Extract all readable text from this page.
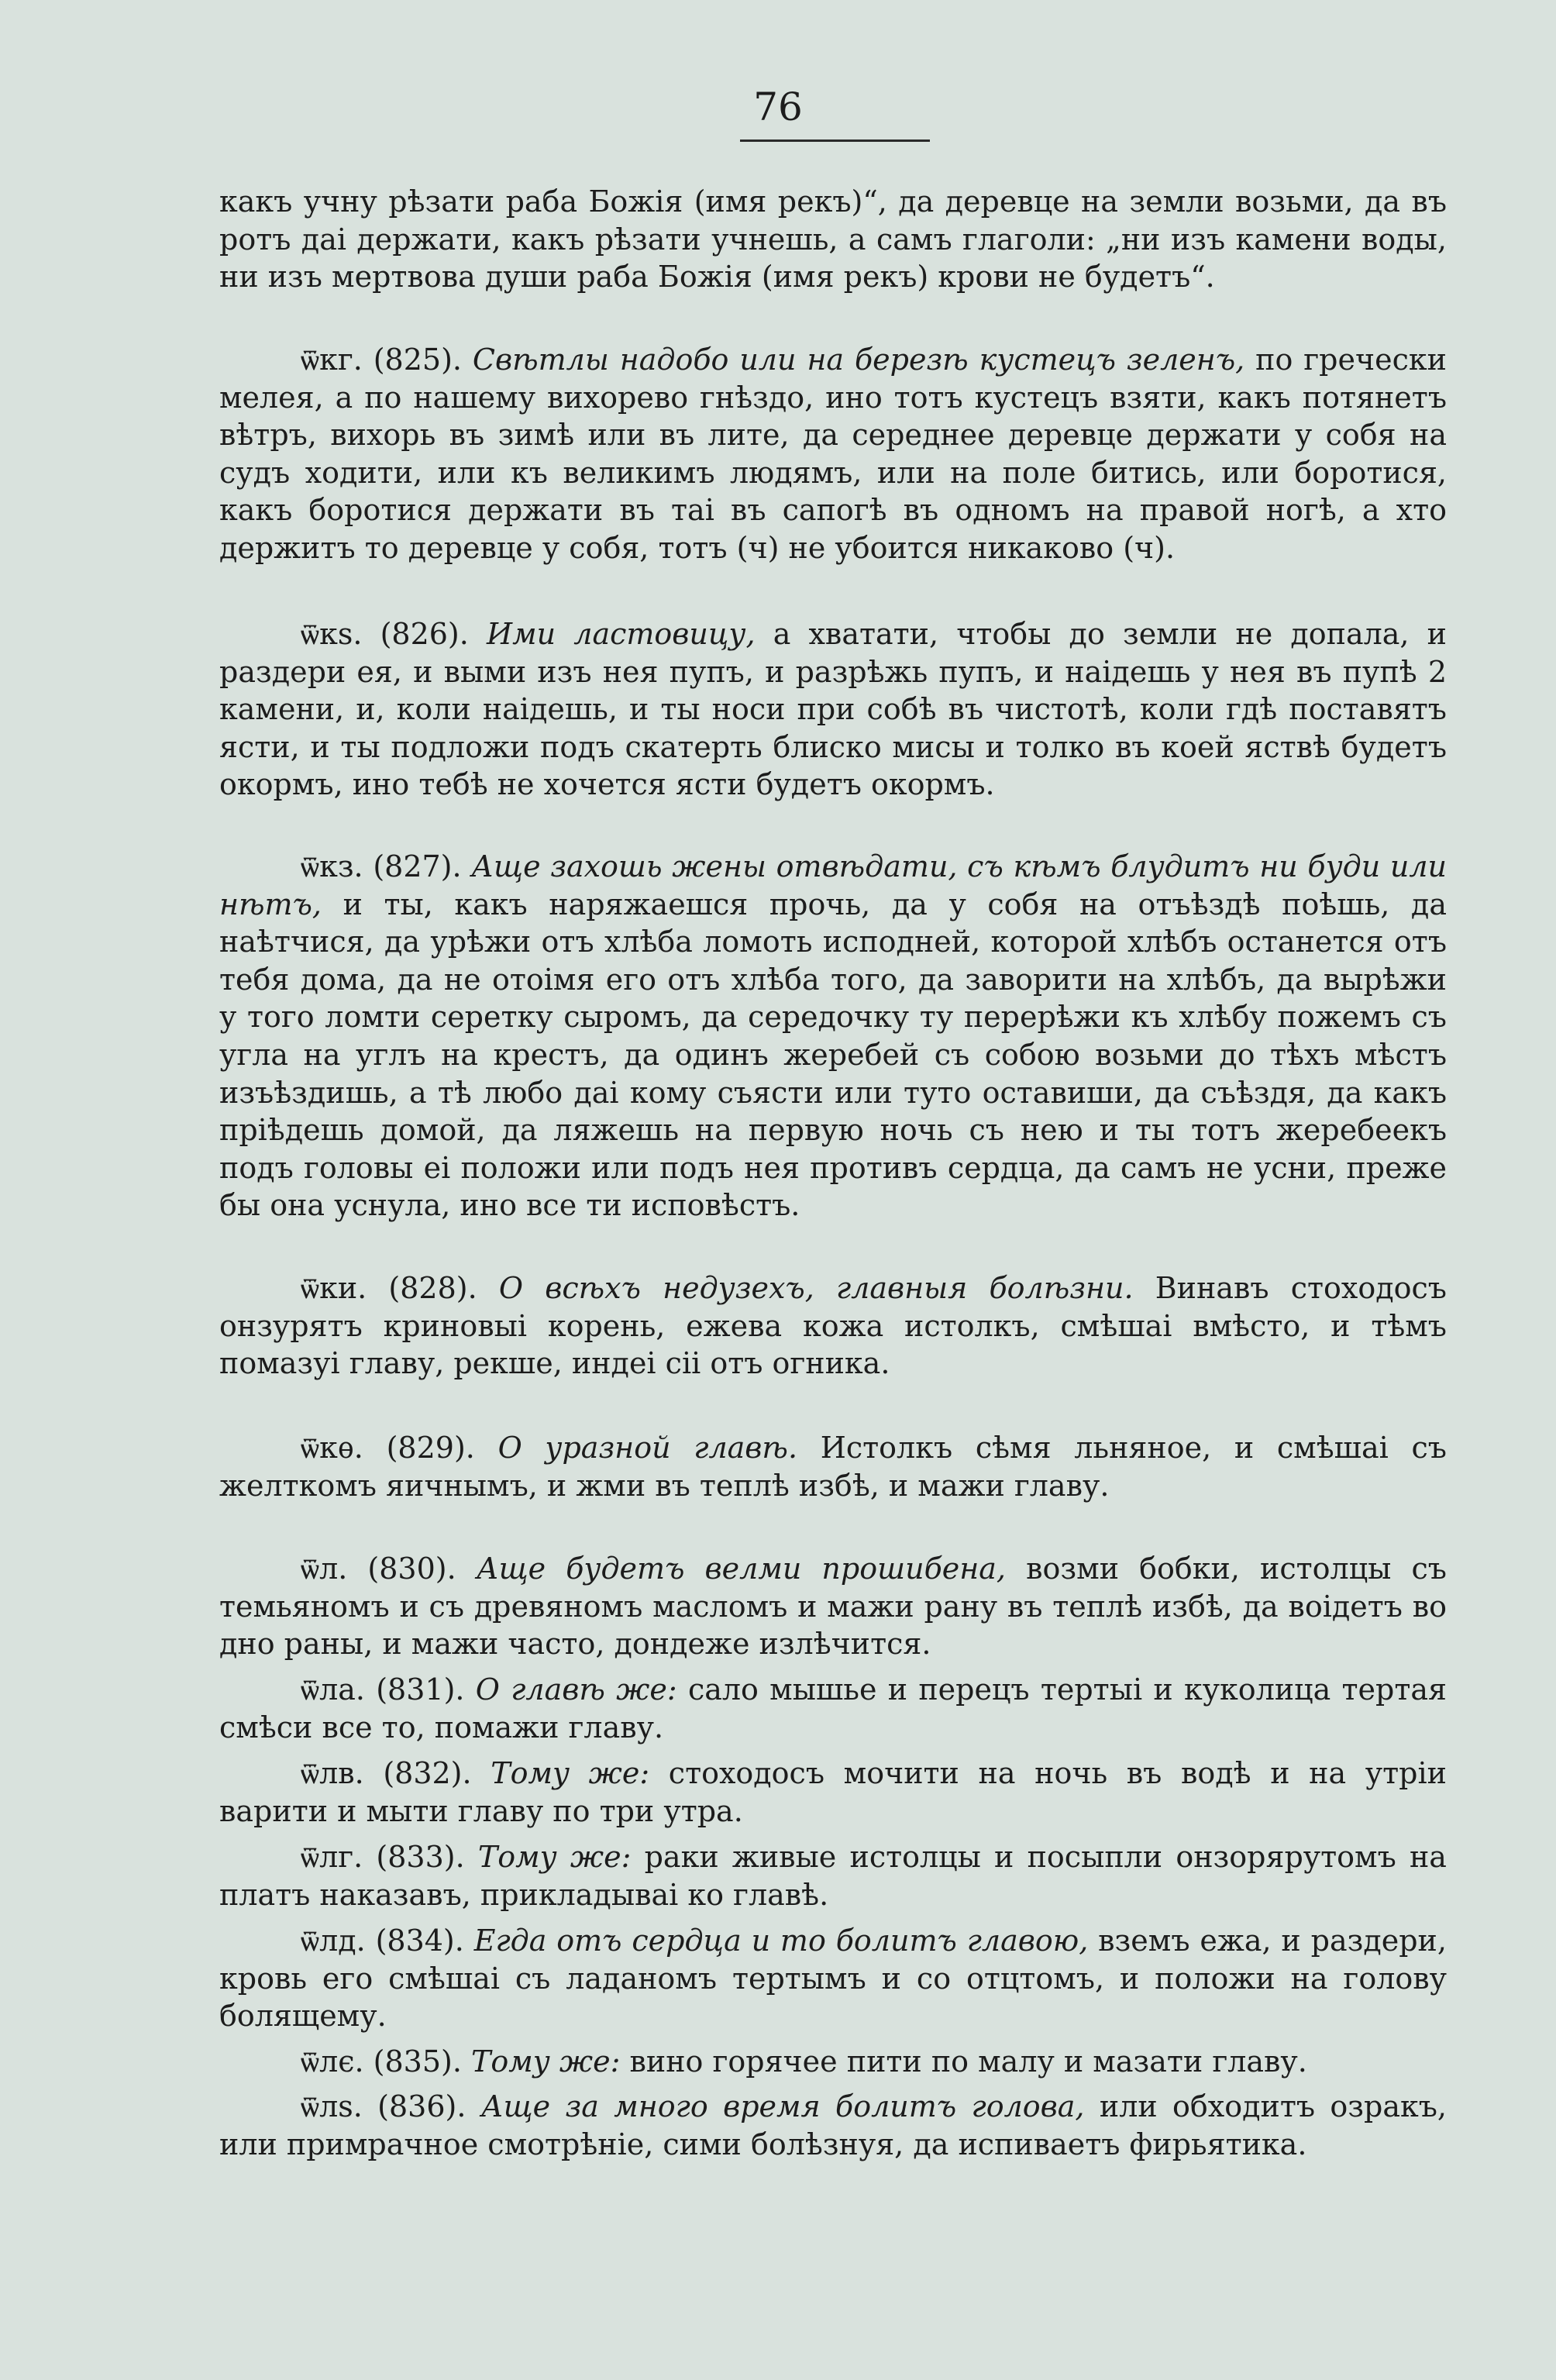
76

какъ учну рѣзати раба Божія (имя рекъ)“, да деревце на земли возьми, да въ ротъ даі держати, какъ рѣзати учнешь, а самъ глаголи: „ни изъ камени воды, ни изъ мертвова души раба Божія (имя рекъ) крови не будетъ“.

ѿкг. (825). Свѣтлы надобо или на березѣ кустецъ зеленъ, по гречески мелея, а по нашему вихорево гнѣздо, ино тотъ кустецъ взяти, какъ потянетъ вѣтръ, вихорь въ зимѣ или въ лите, да середнее деревце держати у собя на судъ ходити, или къ великимъ людямъ, или на поле битись, или боротися, какъ боротися держати въ таі въ сапогѣ въ одномъ на правой ногѣ, а хто держитъ то деревце у собя, тотъ (ч) не убоится никаково (ч).

ѿкѕ. (826). Ими ластовицу, а хватати, чтобы до земли не допала, и раздери ея, и выми изъ нея пупъ, и разрѣжь пупъ, и наідешь у нея въ пупѣ 2 камени, и, коли наідешь, и ты носи при собѣ въ чистотѣ, коли гдѣ поставятъ ясти, и ты подложи подъ скатерть блиско мисы и толко въ коей яствѣ будетъ окормъ, ино тебѣ не хочется ясти будетъ окормъ.

ѿкз. (827). Аще захошь жены отвѣдати, съ кѣмъ блудитъ ни буди или нѣтъ, и ты, какъ наряжаешся прочь, да у собя на отъѣздѣ поѣшь, да наѣтчися, да урѣжи отъ хлѣба ломоть исподней, которой хлѣбъ останется отъ тебя дома, да не отоімя его отъ хлѣба того, да заворити на хлѣбъ, да вырѣжи у того ломти серетку сыромъ, да середочку ту перерѣжи къ хлѣбу пожемъ съ угла на углъ на крестъ, да одинъ жеребей съ собою возьми до тѣхъ мѣстъ изъѣздишь, а тѣ любо даі кому съясти или туто оставиши, да съѣздя, да какъ пріѣдешь домой, да ляжешь на первую ночь съ нею и ты тотъ жеребеекъ подъ головы еі положи или подъ нея противъ сердца, да самъ не усни, преже бы она уснула, ино все ти исповѣстъ.

ѿки. (828). О всѣхъ недузехъ, главныя болѣзни. Винавъ стоходосъ онзурятъ криновыі корень, ежева кожа истолкъ, смѣшаі вмѣсто, и тѣмъ помазуі главу, рекше, индеі сіі отъ огника.

ѿкѳ. (829). О уразной главѣ. Истолкъ сѣмя льняное, и смѣшаі съ желткомъ яичнымъ, и жми въ теплѣ избѣ, и мажи главу.

ѿл. (830). Аще будетъ велми прошибена, возми бобки, истолцы съ темьяномъ и съ древяномъ масломъ и мажи рану въ теплѣ избѣ, да воідетъ во дно раны, и мажи часто, дондеже излѣчится.

ѿла. (831). О главѣ же: сало мышье и перецъ тертыі и куколица тертая смѣси все то, помажи главу.

ѿлв. (832). Тому же: стоходосъ мочити на ночь въ водѣ и на утріи варити и мыти главу по три утра.

ѿлг. (833). Тому же: раки живые истолцы и посыпли онзорярутомъ на платъ наказавъ, прикладываі ко главѣ.

ѿлд. (834). Егда отъ сердца и то болитъ главою, вземъ ежа, и раздери, кровь его смѣшаі съ ладаномъ тертымъ и со отцтомъ, и положи на голову болящему.

ѿлє. (835). Тому же: вино горячее пити по малу и мазати главу.

ѿлѕ. (836). Аще за много время болитъ голова, или обходитъ озракъ, или примрачное смотрѣніе, сими болѣзнуя, да испиваетъ фирьятика.
